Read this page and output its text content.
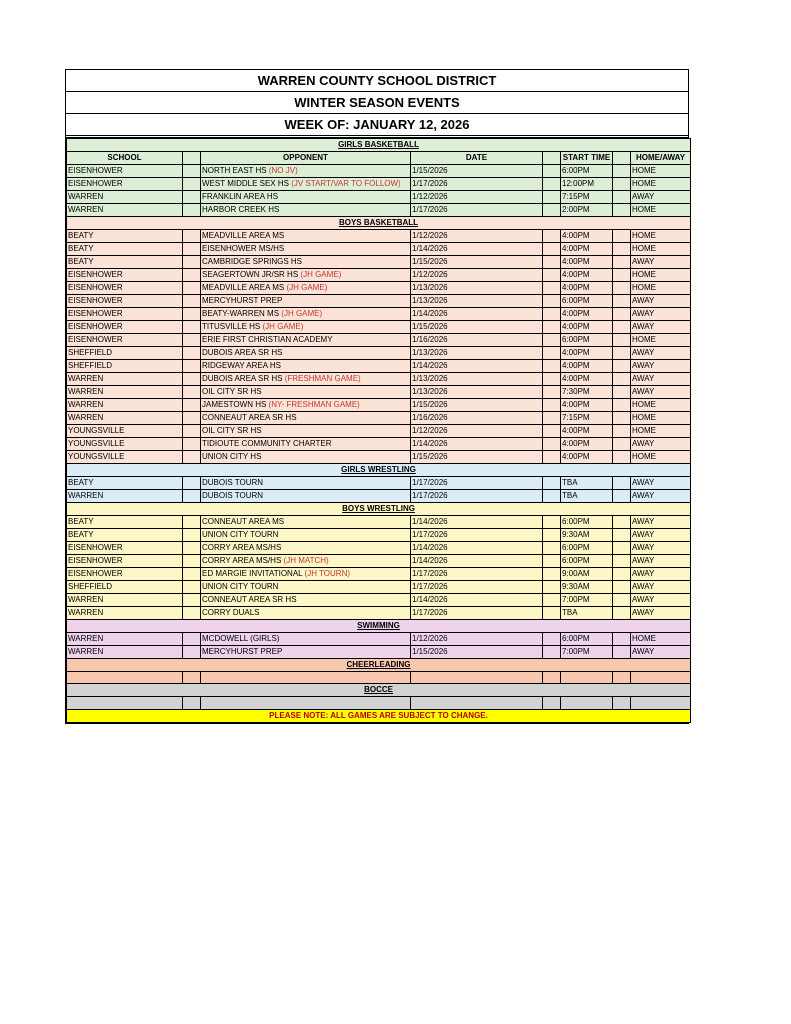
WARREN COUNTY SCHOOL DISTRICT
WINTER SEASON EVENTS
WEEK OF: JANUARY 12, 2026
GIRLS BASKETBALL							
SCHOOL		OPPONENT	DATE		START TIME		HOME/AWAY
EISENHOWER		NORTH EAST HS (NO JV)	1/15/2026		6:00PM		HOME
EISENHOWER		WEST MIDDLE SEX HS (JV START/VAR TO FOLLOW)	1/17/2026		12:00PM		HOME
WARREN		FRANKLIN AREA HS	1/12/2026		7:15PM		AWAY
WARREN		HARBOR CREEK HS	1/17/2026		2:00PM		HOME
BOYS BASKETBALL							
BEATY		MEADVILLE AREA MS	1/12/2026		4:00PM		HOME
BEATY		EISENHOWER MS/HS	1/14/2026		4:00PM		HOME
BEATY		CAMBRIDGE SPRINGS HS	1/15/2026		4:00PM		AWAY
EISENHOWER		SEAGERTOWN JR/SR HS (JH GAME)	1/12/2026		4:00PM		HOME
EISENHOWER		MEADVILLE AREA MS (JH GAME)	1/13/2026		4:00PM		HOME
EISENHOWER		MERCYHURST PREP	1/13/2026		6:00PM		AWAY
EISENHOWER		BEATY-WARREN MS (JH GAME)	1/14/2026		4:00PM		AWAY
EISENHOWER		TITUSVILLE HS (JH GAME)	1/15/2026		4:00PM		AWAY
EISENHOWER		ERIE FIRST CHRISTIAN ACADEMY	1/16/2026		6:00PM		HOME
SHEFFIELD		DUBOIS AREA SR HS	1/13/2026		4:00PM		AWAY
SHEFFIELD		RIDGEWAY AREA HS	1/14/2026		4:00PM		AWAY
WARREN		DUBOIS AREA SR HS (FRESHMAN GAME)	1/13/2026		4:00PM		AWAY
WARREN		OIL CITY SR HS	1/13/2026		7:30PM		AWAY
WARREN		JAMESTOWN HS (NY- FRESHMAN GAME)	1/15/2026		4:00PM		HOME
WARREN		CONNEAUT AREA SR HS	1/16/2026		7:15PM		HOME
YOUNGSVILLE		OIL CITY SR HS	1/12/2026		4:00PM		HOME
YOUNGSVILLE		TIDIOUTE COMMUNITY CHARTER	1/14/2026		4:00PM		AWAY
YOUNGSVILLE		UNION CITY HS	1/15/2026		4:00PM		HOME
GIRLS WRESTLING							
BEATY		DUBOIS TOURN	1/17/2026		TBA		AWAY
WARREN		DUBOIS TOURN	1/17/2026		TBA		AWAY
BOYS WRESTLING							
BEATY		CONNEAUT AREA MS	1/14/2026		6:00PM		AWAY
BEATY		UNION CITY TOURN	1/17/2026		9:30AM		AWAY
EISENHOWER		CORRY AREA MS/HS	1/14/2026		6:00PM		AWAY
EISENHOWER		CORRY AREA MS/HS (JH MATCH)	1/14/2026		6:00PM		AWAY
EISENHOWER		ED MARGIE INVITATIONAL (JH TOURN)	1/17/2026		9:00AM		AWAY
SHEFFIELD		UNION CITY TOURN	1/17/2026		9:30AM		AWAY
WARREN		CONNEAUT AREA SR HS	1/14/2026		7:00PM		AWAY
WARREN		CORRY DUALS	1/17/2026		TBA		AWAY
SWIMMING							
WARREN		MCDOWELL (GIRLS)	1/12/2026		6:00PM		HOME
WARREN		MERCYHURST PREP	1/15/2026		7:00PM		AWAY
CHEERLEADING							

BOCCE							

PLEASE NOTE: ALL GAMES ARE SUBJECT TO CHANGE.							
